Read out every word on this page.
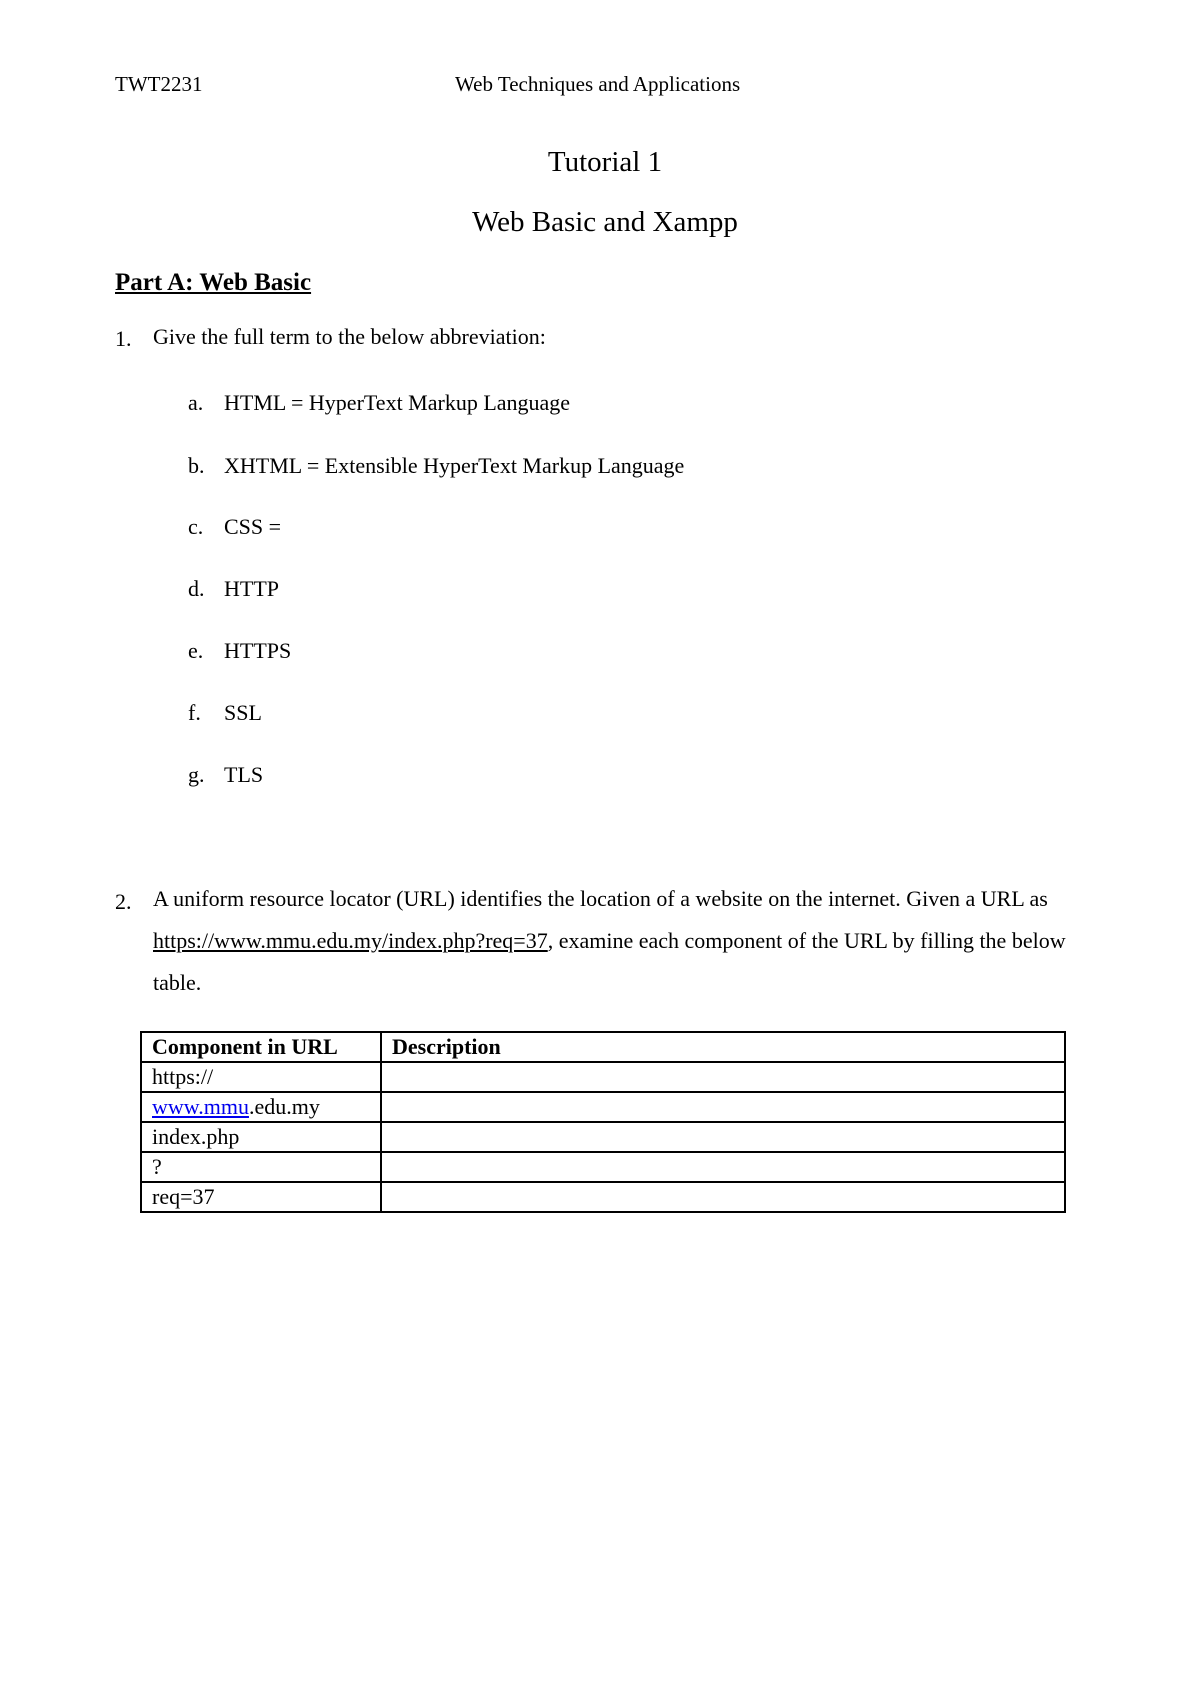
TWT2231	Web Techniques and Applications
Tutorial 1
Web Basic and Xampp
Part A: Web Basic
1. Give the full term to the below abbreviation:
a. HTML = HyperText Markup Language
b. XHTML = Extensible HyperText Markup Language
c. CSS =
d. HTTP
e. HTTPS
f. SSL
g. TLS
2. A uniform resource locator (URL) identifies the location of a website on the internet. Given a URL as https://www.mmu.edu.my/index.php?req=37, examine each component of the URL by filling the below table.
Component in URL	Description
https://	
www.mmu.edu.my	
index.php	
?	
req=37	
